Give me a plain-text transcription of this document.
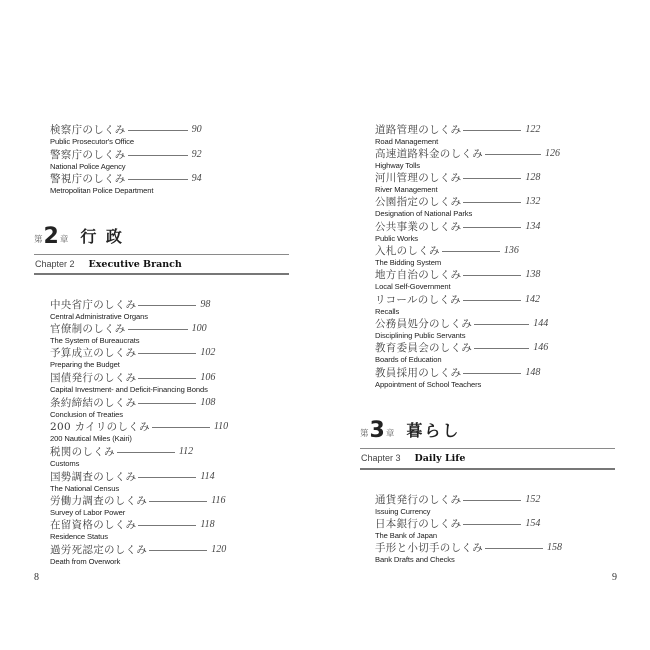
検察庁のしくみ	90
Public Prosecutor's Office
警察庁のしくみ	92
National Police Agency
警視庁のしくみ	94
Metropolitan Police Department
第 2 章 行 政
Chapter 2 Executive Branch
中央省庁のしくみ	98
Central Administrative Organs
官僚制のしくみ	100
The System of Bureaucrats
予算成立のしくみ	102
Preparing the Budget
国債発行のしくみ	106
Capital Investment- and Deficit-Financing Bonds
条約締結のしくみ	108
Conclusion of Treaties
200 カイリのしくみ	110
200 Nautical Miles (Kairi)
税関のしくみ	112
Customs
国勢調査のしくみ	114
The National Census
労働力調査のしくみ	116
Survey of Labor Power
在留資格のしくみ	118
Residence Status
過労死認定のしくみ	120
Death from Overwork
8
道路管理のしくみ	122
Road Management
高速道路料金のしくみ	126
Highway Tolls
河川管理のしくみ	128
River Management
公園指定のしくみ	132
Designation of National Parks
公共事業のしくみ	134
Public Works
入札のしくみ	136
The Bidding System
地方自治のしくみ	138
Local Self-Government
リコールのしくみ	142
Recalls
公務員処分のしくみ	144
Disciplining Public Servants
教育委員会のしくみ	146
Boards of Education
教員採用のしくみ	148
Appointment of School Teachers
第 3 章 暮らし
Chapter 3 Daily Life
通貨発行のしくみ	152
Issuing Currency
日本銀行のしくみ	154
The Bank of Japan
手形と小切手のしくみ	158
Bank Drafts and Checks
9
